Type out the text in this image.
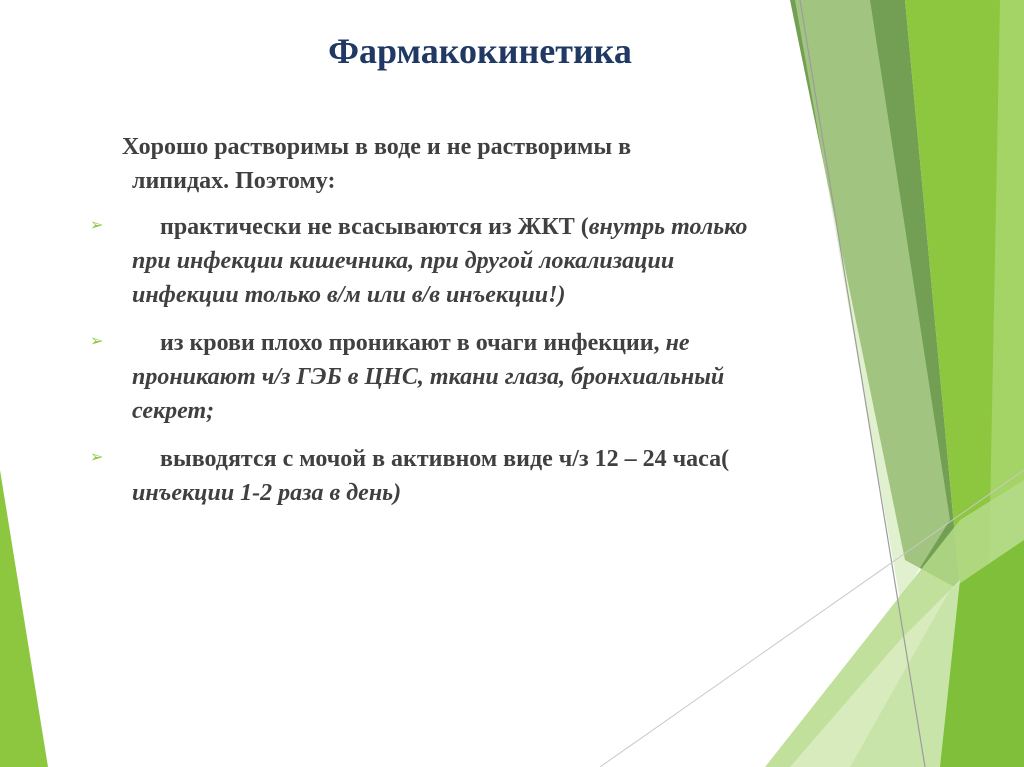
Фармакокинетика

Хорошо растворимы в воде и не растворимы в
липидах. Поэтому:

➢ практически не всасываются из ЖКТ (внутрь только при инфекции кишечника, при другой локализации инфекции только в/м или в/в инъекции!)
➢ из крови плохо проникают в очаги инфекции, не проникают ч/з ГЭБ в ЦНС, ткани глаза, бронхиальный секрет;
➢ выводятся с мочой в активном виде ч/з 12 – 24 часа( инъекции 1-2 раза в день)
